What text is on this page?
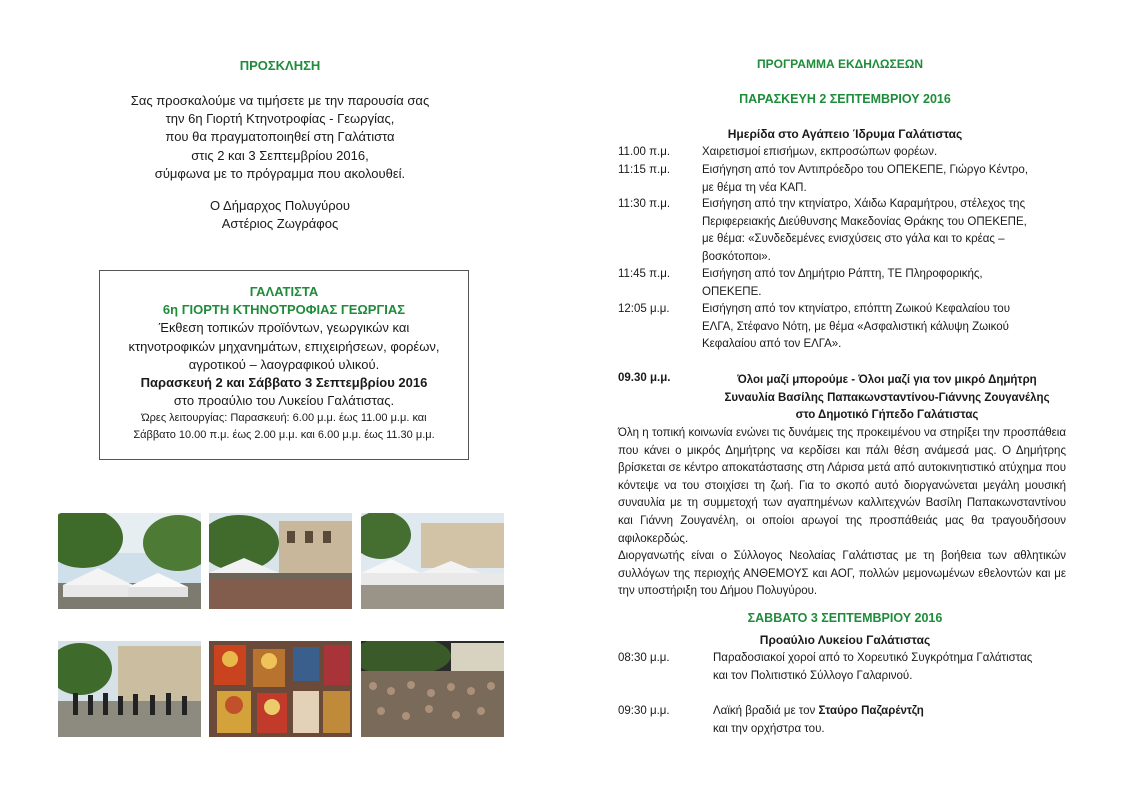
ΠΡΟΣΚΛΗΣΗ
Σας προσκαλούμε να τιμήσετε με την παρουσία σας
την 6η Γιορτή Κτηνοτροφίας - Γεωργίας,
που θα πραγματοποιηθεί στη Γαλάτιστα
στις 2 και 3 Σεπτεμβρίου 2016,
σύμφωνα με το πρόγραμμα που ακολουθεί.
Ο Δήμαρχος Πολυγύρου
Αστέριος Ζωγράφος
ΓΑΛΑΤΙΣΤΑ
6η ΓΙΟΡΤΗ ΚΤΗΝΟΤΡΟΦΙΑΣ ΓΕΩΡΓΙΑΣ
Έκθεση τοπικών προϊόντων, γεωργικών και
κτηνοτροφικών μηχανημάτων, επιχειρήσεων, φορέων,
αγροτικού – λαογραφικού υλικού.
Παρασκευή 2 και Σάββατο 3 Σεπτεμβρίου 2016
στο προαύλιο του Λυκείου Γαλάτιστας.
Ώρες λειτουργίας: Παρασκευή: 6.00 μ.μ. έως 11.00 μ.μ. και
Σάββατο 10.00 π.μ. έως 2.00 μ.μ. και 6.00 μ.μ. έως 11.30 μ.μ.
ΠΡΟΓΡΑΜΜΑ ΕΚΔΗΛΩΣΕΩΝ
ΠΑΡΑΣΚΕΥΗ 2 ΣΕΠΤΕΜΒΡΙΟΥ 2016
Ημερίδα στο Αγάπειο Ίδρυμα Γαλάτιστας
11.00 π.μ.	Χαιρετισμοί επισήμων, εκπροσώπων φορέων.
11:15 π.μ.	Εισήγηση από τον Αντιπρόεδρο του ΟΠΕΚΕΠΕ, Γιώργο Κέντρο,
με θέμα τη νέα ΚΑΠ.
11:30 π.μ.	Εισήγηση από την κτηνίατρο, Χάιδω Καραμήτρου, στέλεχος της
Περιφερειακής Διεύθυνσης Μακεδονίας Θράκης του ΟΠΕΚΕΠΕ,
με θέμα: «Συνδεδεμένες ενισχύσεις στο γάλα και το κρέας –
βοσκότοποι».
11:45 π.μ.	Εισήγηση από τον Δημήτριο Ράπτη, ΤΕ Πληροφορικής,
ΟΠΕΚΕΠΕ.
12:05 μ.μ.	Εισήγηση από τον κτηνίατρο, επόπτη Ζωικού Κεφαλαίου του
ΕΛΓΑ, Στέφανο Νότη, με θέμα «Ασφαλιστική κάλυψη Ζωικού
Κεφαλαίου από τον ΕΛΓΑ».
09.30 μ.μ.	Όλοι μαζί μπορούμε - Όλοι μαζί για τον μικρό Δημήτρη
Συναυλία Βασίλης Παπακωνσταντίνου-Γιάννης Ζουγανέλης
στο Δημοτικό Γήπεδο Γαλάτιστας

Όλη η τοπική κοινωνία ενώνει τις δυνάμεις της προκειμένου να στηρίξει την προσπάθεια που κάνει ο μικρός Δημήτρης να κερδίσει και πάλι θέση ανάμεσά μας. Ο Δημήτρης βρίσκεται σε κέντρο αποκατάστασης στη Λάρισα μετά από αυτοκινητιστικό ατύχημα που κόντεψε να του στοιχίσει τη ζωή. Για το σκοπό αυτό διοργανώνεται μεγάλη μουσική συναυλία με τη συμμετοχή των αγαπημένων καλλιτεχνών Βασίλη Παπακωνσταντίνου και Γιάννη Ζουγανέλη, οι οποίοι αρωγοί της προσπάθειάς μας θα τραγουδήσουν αφιλοκερδώς.

Διοργανωτής είναι ο Σύλλογος Νεολαίας Γαλάτιστας με τη βοήθεια των αθλητικών συλλόγων της περιοχής ΑΝΘΕΜΟΥΣ και ΑΟΓ, πολλών μεμονωμένων εθελοντών και με την υποστήριξη του Δήμου Πολυγύρου.

ΣΑΒΒΑΤΟ 3 ΣΕΠΤΕΜΒΡΙΟΥ 2016
Προαύλιο Λυκείου Γαλάτιστας
08:30 μ.μ.	Παραδοσιακοί χοροί από το Χορευτικό Συγκρότημα Γαλάτιστας
και τον Πολιτιστικό Σύλλογο Γαλαρινού.
09:30 μ.μ.	Λαϊκή βραδιά με τον Σταύρο Παζαρέντζη
και την ορχήστρα του.
